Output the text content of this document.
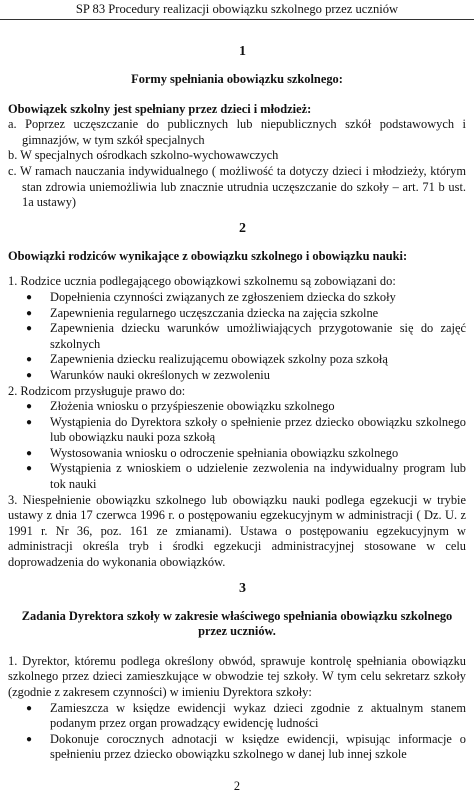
SP 83 Procedury realizacji obowiązku szkolnego przez uczniów
1

Formy spełniania obowiązku szkolnego:

Obowiązek szkolny jest spełniany przez dzieci i młodzież:

a. Poprzez uczęszczanie do publicznych lub niepublicznych szkół podstawowych i gimnazjów, w tym szkół specjalnych

b. W specjalnych ośrodkach szkolno-wychowawczych

c. W ramach nauczania indywidualnego ( możliwość ta dotyczy dzieci i młodzieży, którym stan zdrowia uniemożliwia lub znacznie utrudnia uczęszczanie do szkoły – art. 71 b ust. 1a ustawy)

2

Obowiązki rodziców wynikające z obowiązku szkolnego i obowiązku nauki:

1. Rodzice ucznia podlegającego obowiązkowi szkolnemu są zobowiązani do:

● Dopełnienia czynności związanych ze zgłoszeniem dziecka do szkoły
● Zapewnienia regularnego uczęszczania dziecka na zajęcia szkolne
● Zapewnienia dziecku warunków umożliwiających przygotowanie się do zajęć szkolnych
● Zapewnienia dziecku realizującemu obowiązek szkolny poza szkołą
● Warunków nauki określonych w zezwoleniu

2. Rodzicom przysługuje prawo do:

● Złożenia wniosku o przyśpieszenie obowiązku szkolnego
● Wystąpienia do Dyrektora szkoły o spełnienie przez dziecko obowiązku szkolnego lub obowiązku nauki poza szkołą
● Wystosowania wniosku o odroczenie spełniania obowiązku szkolnego
● Wystąpienia z wnioskiem o udzielenie zezwolenia na indywidualny program lub tok nauki

3. Niespełnienie obowiązku szkolnego lub obowiązku nauki podlega egzekucji w trybie ustawy z dnia 17 czerwca 1996 r. o postępowaniu egzekucyjnym w administracji ( Dz. U. z 1991 r. Nr 36, poz. 161 ze zmianami). Ustawa o postępowaniu egzekucyjnym w administracji określa tryb i środki egzekucji administracyjnej stosowane w celu doprowadzenia do wykonania obowiązków.

3

Zadania Dyrektora szkoły w zakresie właściwego spełniania obowiązku szkolnego przez uczniów.

1. Dyrektor, któremu podlega określony obwód, sprawuje kontrolę spełniania obowiązku szkolnego przez dzieci zamieszkujące w obwodzie tej szkoły. W tym celu sekretarz szkoły (zgodnie z zakresem czynności) w imieniu Dyrektora szkoły:

● Zamieszcza w księdze ewidencji wykaz dzieci zgodnie z aktualnym stanem podanym przez organ prowadzący ewidencję ludności
● Dokonuje corocznych adnotacji w księdze ewidencji, wpisując informacje o spełnieniu przez dziecko obowiązku szkolnego w danej lub innej szkole
2
